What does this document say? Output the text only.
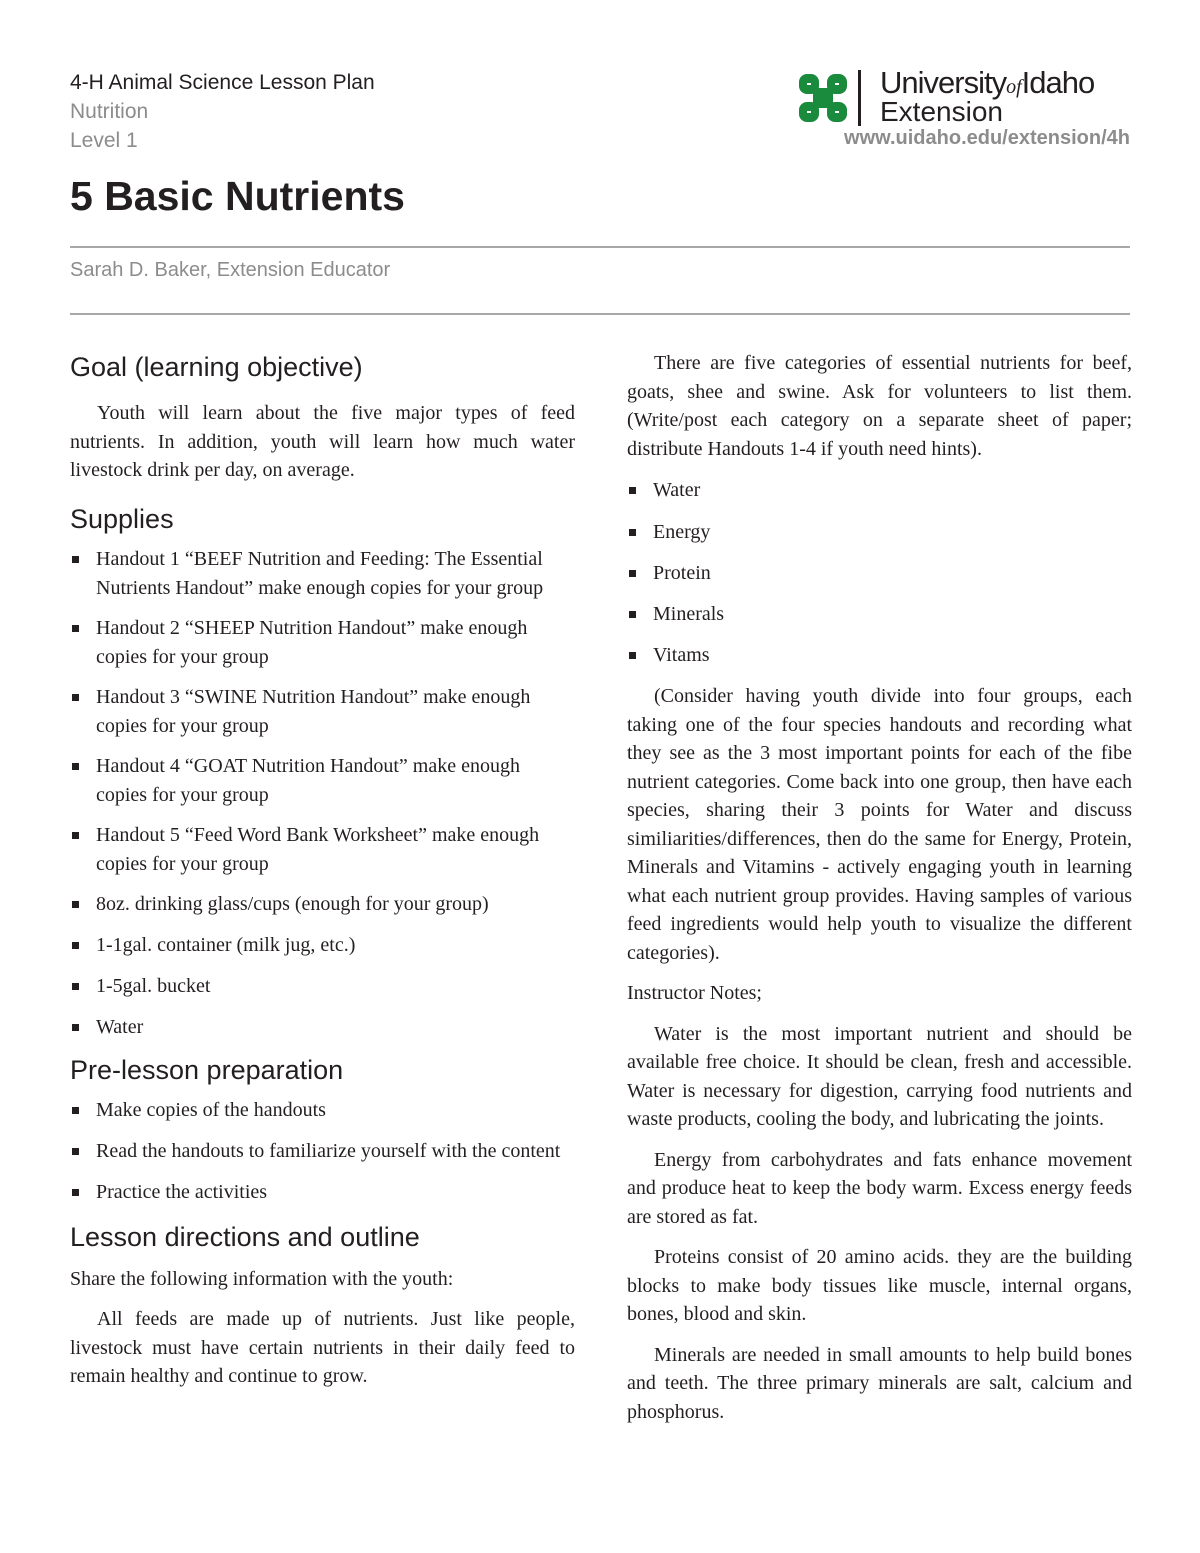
4-H Animal Science Lesson Plan
Nutrition
Level 1
UniversityofIdaho
Extension
www.uidaho.edu/extension/4h
5 Basic Nutrients
Sarah D. Baker, Extension Educator
Goal (learning objective)

Youth will learn about the five major types of feed nutrients. In addition, youth will learn how much water livestock drink per day, on average.

Supplies
Handout 1 “BEEF Nutrition and Feeding: The Essential Nutrients Handout” make enough copies for your group
Handout 2 “SHEEP Nutrition Handout” make enough copies for your group
Handout 3 “SWINE Nutrition Handout” make enough copies for your group
Handout 4 “GOAT Nutrition Handout” make enough copies for your group
Handout 5 “Feed Word Bank Worksheet” make enough copies for your group
8oz. drinking glass/cups (enough for your group)
1-1gal. container (milk jug, etc.)
1-5gal. bucket
Water
Pre-lesson preparation
Make copies of the handouts
Read the handouts to familiarize yourself with the content
Practice the activities
Lesson directions and outline

Share the following information with the youth:

All feeds are made up of nutrients. Just like people, livestock must have certain nutrients in their daily feed to remain healthy and continue to grow.

There are five categories of essential nutrients for beef, goats, shee and swine. Ask for volunteers to list them. (Write/post each category on a separate sheet of paper; distribute Handouts 1-4 if youth need hints).

Water
Energy
Protein
Minerals
Vitams

(Consider having youth divide into four groups, each taking one of the four species handouts and recording what they see as the 3 most important points for each of the fibe nutrient categories. Come back into one group, then have each species, sharing their 3 points for Water and discuss similiarities/differences, then do the same for Energy, Protein, Minerals and Vitamins - actively engaging youth in learning what each nutrient group provides. Having samples of various feed ingredients would help youth to visualize the different categories).

Instructor Notes;

Water is the most important nutrient and should be available free choice. It should be clean, fresh and accessible. Water is necessary for digestion, carrying food nutrients and waste products, cooling the body, and lubricating the joints.

Energy from carbohydrates and fats enhance movement and produce heat to keep the body warm. Excess energy feeds are stored as fat.

Proteins consist of 20 amino acids. they are the building blocks to make body tissues like muscle, internal organs, bones, blood and skin.

Minerals are needed in small amounts to help build bones and teeth. The three primary minerals are salt, calcium and phosphorus.
